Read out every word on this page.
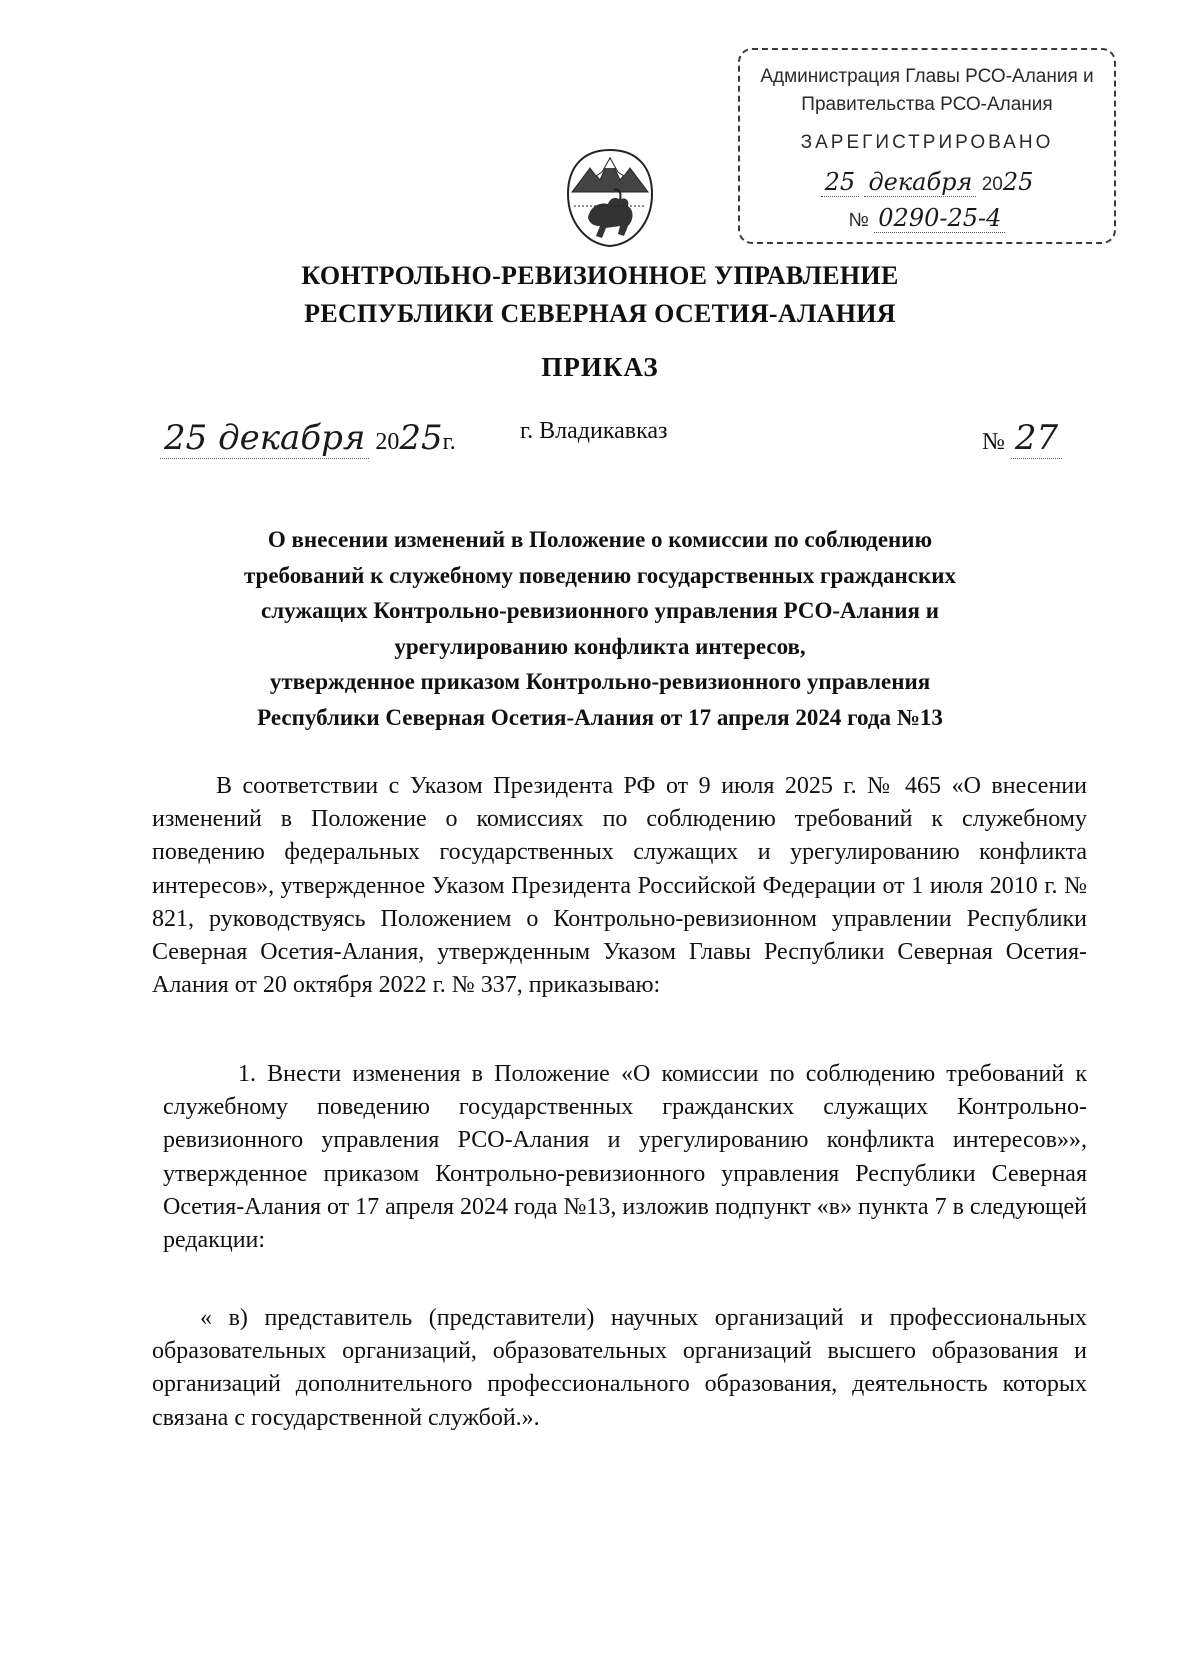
Администрация Главы РСО-Алания и
Правительства РСО-Алания
ЗАРЕГИСТРИРОВАНО
25 декабря 2025
№ 0290-25-4
КОНТРОЛЬНО-РЕВИЗИОННОЕ УПРАВЛЕНИЕ
РЕСПУБЛИКИ СЕВЕРНАЯ ОСЕТИЯ-АЛАНИЯ
ПРИКАЗ
25 декабря 2025г.	г. Владикавказ	№ 27
О внесении изменений в Положение о комиссии по соблюдению
требований к служебному поведению государственных гражданских
служащих Контрольно-ревизионного управления РСО-Алания и
урегулированию конфликта интересов,
утвержденное приказом Контрольно-ревизионного управления
Республики Северная Осетия-Алания от 17 апреля 2024 года №13
В соответствии с Указом Президента РФ от 9 июля 2025 г. № 465 «О внесении изменений в Положение о комиссиях по соблюдению требований к служебному поведению федеральных государственных служащих и урегулированию конфликта интересов», утвержденное Указом Президента Российской Федерации от 1 июля 2010 г. № 821, руководствуясь Положением о Контрольно-ревизионном управлении Республики Северная Осетия-Алания, утвержденным Указом Главы Республики Северная Осетия-Алания от 20 октября 2022 г. № 337, приказываю:
1. Внести изменения в Положение «О комиссии по соблюдению требований к служебному поведению государственных гражданских служащих Контрольно-ревизионного управления РСО-Алания и урегулированию конфликта интересов»», утвержденное приказом Контрольно-ревизионного управления Республики Северная Осетия-Алания от 17 апреля 2024 года №13, изложив подпункт «в» пункта 7 в следующей редакции:
« в) представитель (представители) научных организаций и профессиональных образовательных организаций, образовательных организаций высшего образования и организаций дополнительного профессионального образования, деятельность которых связана с государственной службой.».
